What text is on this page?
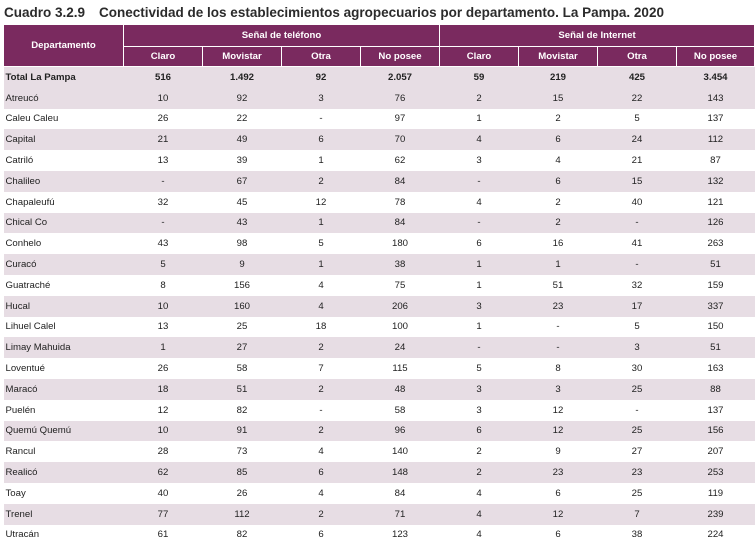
Cuadro 3.2.9 Conectividad de los establecimientos agropecuarios por departamento. La Pampa. 2020
Departamento	Señal de teléfono				Señal de Internet			
	Claro	Movistar	Otra	No posee	Claro	Movistar	Otra	No posee
Total La Pampa	516	1.492	92	2.057	59	219	425	3.454
Atreucó	10	92	3	76	2	15	22	143
Caleu Caleu	26	22	-	97	1	2	5	137
Capital	21	49	6	70	4	6	24	112
Catriló	13	39	1	62	3	4	21	87
Chalileo	-	67	2	84	-	6	15	132
Chapaleufú	32	45	12	78	4	2	40	121
Chical Co	-	43	1	84	-	2	-	126
Conhelo	43	98	5	180	6	16	41	263
Curacó	5	9	1	38	1	1	-	51
Guatraché	8	156	4	75	1	51	32	159
Hucal	10	160	4	206	3	23	17	337
Lihuel Calel	13	25	18	100	1	-	5	150
Limay Mahuida	1	27	2	24	-	-	3	51
Loventué	26	58	7	115	5	8	30	163
Maracó	18	51	2	48	3	3	25	88
Puelén	12	82	-	58	3	12	-	137
Quemú Quemú	10	91	2	96	6	12	25	156
Rancul	28	73	4	140	2	9	27	207
Realicó	62	85	6	148	2	23	23	253
Toay	40	26	4	84	4	6	25	119
Trenel	77	112	2	71	4	12	7	239
Utracán	61	82	6	123	4	6	38	224
